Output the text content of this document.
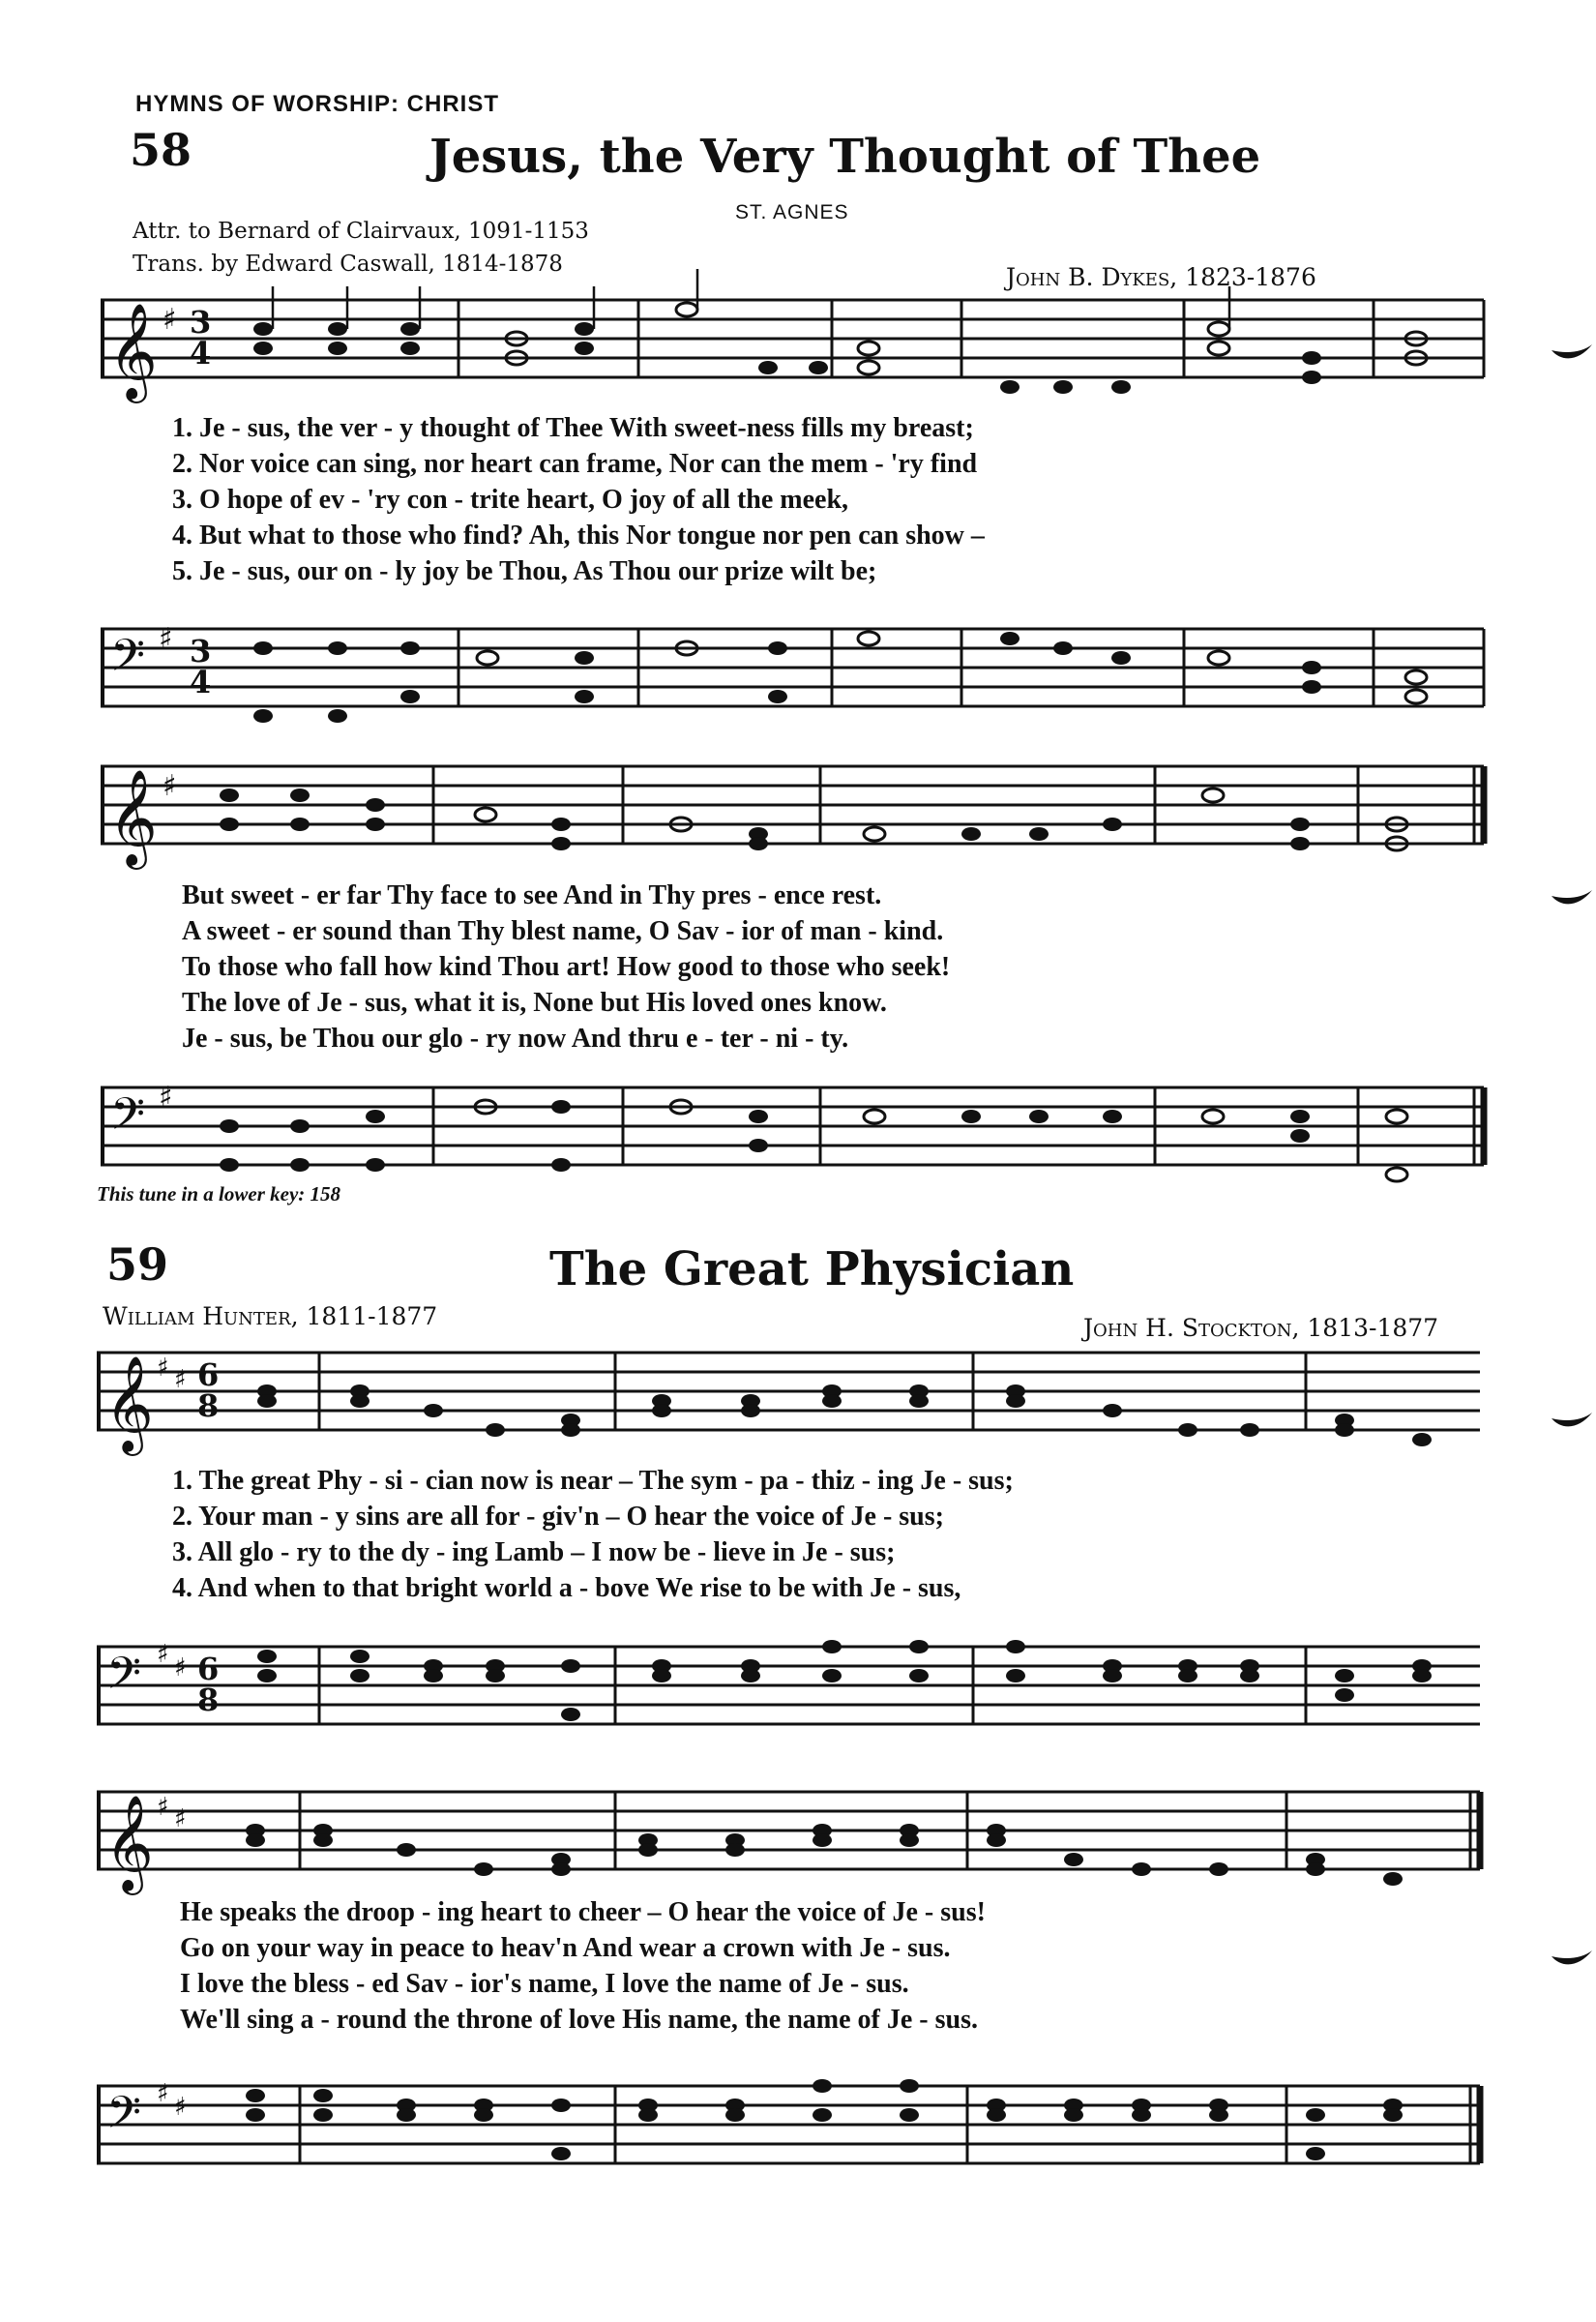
HYMNS OF WORSHIP: CHRIST
58	Jesus, the Very Thought of Thee
ST. AGNES
Attr. to Bernard of Clairvaux, 1091-1153
Trans. by Edward Caswall, 1814-1878	John B. Dykes, 1823-1876
𝄞 ♯ 3
4
1. Je - sus, the ver - y thought of Thee With sweet-ness fills my breast;
2. Nor voice can sing, nor heart can frame, Nor can the mem - 'ry find
3. O hope of ev - 'ry con - trite heart, O joy of all the meek,
4. But what to those who find? Ah, this Nor tongue nor pen can show –
5. Je - sus, our on - ly joy be Thou, As Thou our prize wilt be;
𝄢 ♯ 3
4
𝄞 ♯
But sweet - er far Thy face to see And in Thy pres - ence rest.
A sweet - er sound than Thy blest name, O Sav - ior of man - kind.
To those who fall how kind Thou art! How good to those who seek!
The love of Je - sus, what it is, None but His loved ones know.
Je - sus, be Thou our glo - ry now And thru e - ter - ni - ty.
𝄢 ♯
This tune in a lower key: 158
59	The Great Physician
William Hunter, 1811-1877	John H. Stockton, 1813-1877
𝄞 ♯ ♯ 6
8
1. The great Phy - si - cian now is near – The sym - pa - thiz - ing Je - sus;
2. Your man - y sins are all for - giv'n – O hear the voice of Je - sus;
3. All glo - ry to the dy - ing Lamb – I now be - lieve in Je - sus;
4. And when to that bright world a - bove We rise to be with Je - sus,
𝄢 ♯ ♯ 6
8
𝄞 ♯ ♯
He speaks the droop - ing heart to cheer – O hear the voice of Je - sus!
Go on your way in peace to heav'n And wear a crown with Je - sus.
I love the bless - ed Sav - ior's name, I love the name of Je - sus.
We'll sing a - round the throne of love His name, the name of Je - sus.
𝄢 ♯ ♯
